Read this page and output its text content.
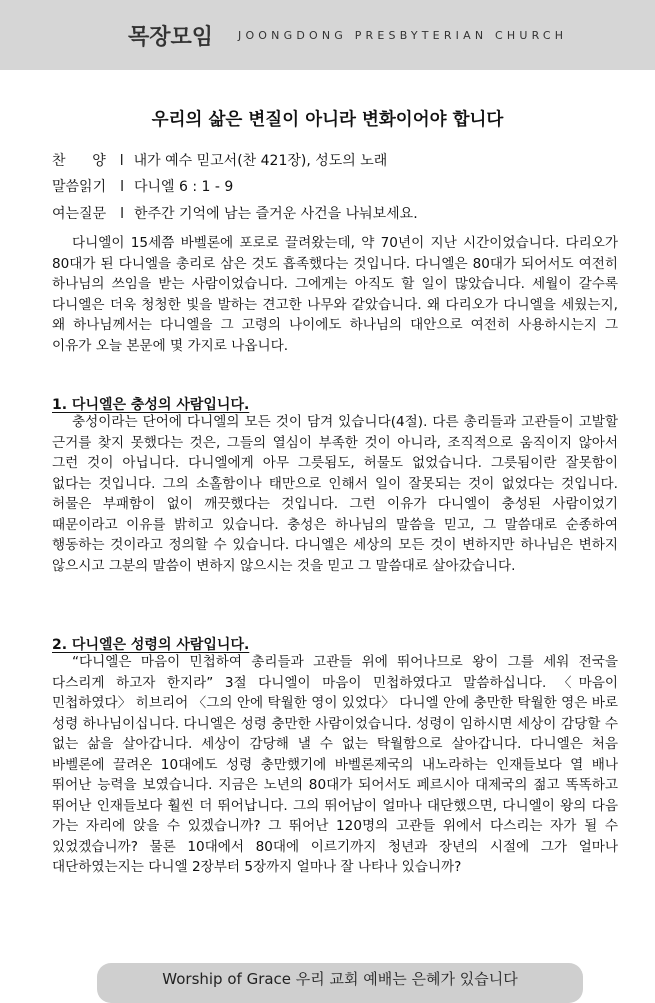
목장모임 JOONGDONG PRESBYTERIAN CHURCH
우리의 삶은 변질이 아니라 변화이어야 합니다
찬      양 l 내가 예수 믿고서(찬 421장), 성도의 노래
말씀읽기 l 다니엘 6 : 1 - 9
여는질문 l 한주간 기억에 남는 즐거운 사건을 나눠보세요.
다니엘이 15세쯤 바벨론에 포로로 끌려왔는데, 약 70년이 지난 시간이었습니다. 다리오가 80대가 된 다니엘을 총리로 삼은 것도 흡족했다는 것입니다. 다니엘은 80대가 되어서도 여전히 하나님의 쓰임을 받는 사람이었습니다. 그에게는 아직도 할 일이 많았습니다. 세월이 갈수록 다니엘은 더욱 청청한 빛을 발하는 견고한 나무와 같았습니다. 왜 다리오가 다니엘을 세웠는지, 왜 하나님께서는 다니엘을 그 고령의 나이에도 하나님의 대안으로 여전히 사용하시는지 그 이유가 오늘 본문에 몇 가지로 나옵니다.
1. 다니엘은 충성의 사람입니다.
충성이라는 단어에 다니엘의 모든 것이 담겨 있습니다(4절). 다른 총리들과 고관들이 고발할 근거를 찾지 못했다는 것은, 그들의 열심이 부족한 것이 아니라, 조직적으로 움직이지 않아서 그런 것이 아닙니다. 다니엘에게 아무 그릇됨도, 허물도 없었습니다. 그릇됨이란 잘못함이 없다는 것입니다. 그의 소홀함이나 태만으로 인해서 일이 잘못되는 것이 없었다는 것입니다. 허물은 부패함이 없이 깨끗했다는 것입니다. 그런 이유가 다니엘이 충성된 사람이었기 때문이라고 이유를 밝히고 있습니다. 충성은 하나님의 말씀을 믿고, 그 말씀대로 순종하여 행동하는 것이라고 정의할 수 있습니다. 다니엘은 세상의 모든 것이 변하지만 하나님은 변하지 않으시고 그분의 말씀이 변하지 않으시는 것을 믿고 그 말씀대로 살아갔습니다.
2. 다니엘은 성령의 사람입니다.
“다니엘은 마음이 민첩하여 총리들과 고관들 위에 뛰어나므로 왕이 그를 세워 전국을 다스리게 하고자 한지라” 3절 다니엘이 마음이 민첩하였다고 말씀하십니다. 〈마음이 민첩하였다〉 히브리어 〈그의 안에 탁월한 영이 있었다〉 다니엘 안에 충만한 탁월한 영은 바로 성령 하나님이십니다. 다니엘은 성령 충만한 사람이었습니다. 성령이 임하시면 세상이 감당할 수 없는 삶을 살아갑니다. 세상이 감당해 낼 수 없는 탁월함으로 살아갑니다. 다니엘은 처음 바벨론에 끌려온 10대에도 성령 충만했기에 바벨론제국의 내노라하는 인재들보다 열 배나 뛰어난 능력을 보였습니다. 지금은 노년의 80대가 되어서도 페르시아 대제국의 젊고 똑똑하고 뛰어난 인재들보다 훨씬 더 뛰어납니다. 그의 뛰어남이 얼마나 대단했으면, 다니엘이 왕의 다음 가는 자리에 앉을 수 있겠습니까? 그 뛰어난 120명의 고관들 위에서 다스리는 자가 될 수 있었겠습니까? 물론 10대에서 80대에 이르기까지 청년과 장년의 시절에 그가 얼마나 대단하였는지는 다니엘 2장부터 5장까지 얼마나 잘 나타나 있습니까?
Worship of Grace 우리 교회 예배는 은혜가 있습니다
